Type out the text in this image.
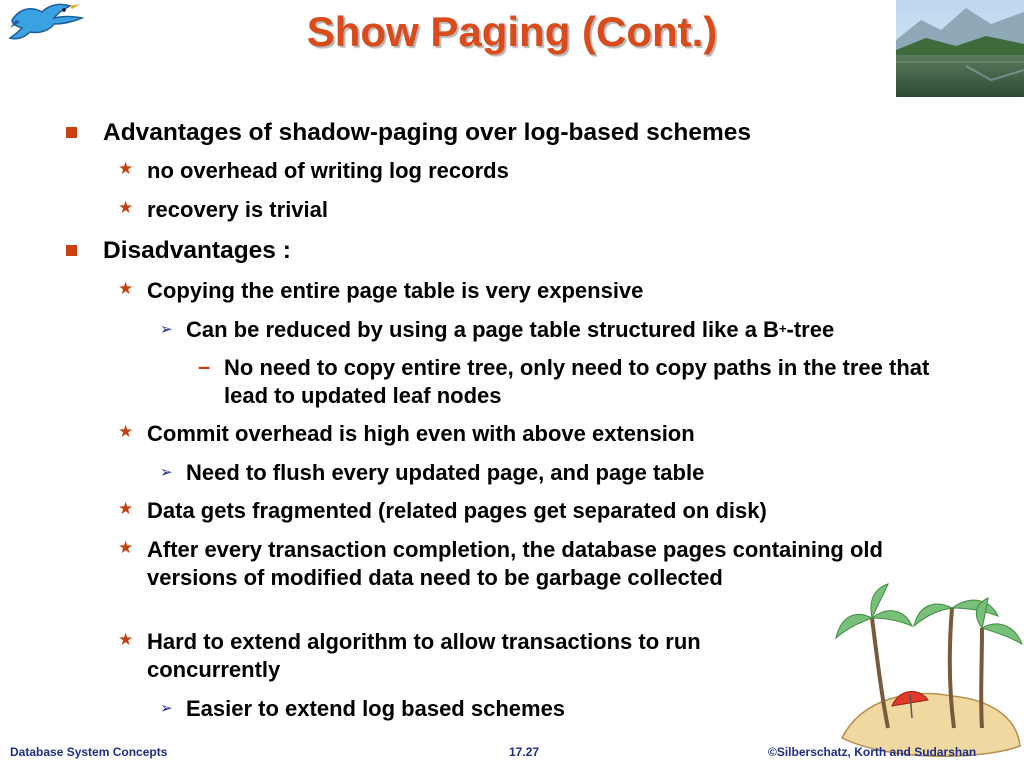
Show Paging (Cont.)
Advantages of shadow-paging over log-based schemes
★ no overhead of writing log records
★ recovery is trivial
Disadvantages :
★ Copying the entire page table is very expensive
➢ Can be reduced by using a page table structured like a B+-tree
– No need to copy entire tree, only need to copy paths in the tree that lead to updated leaf nodes
★ Commit overhead is high even with above extension
➢ Need to flush every updated page, and page table
★ Data gets fragmented (related pages get separated on disk)
★ After every transaction completion, the database pages containing old versions of modified data need to be garbage collected
★ Hard to extend algorithm to allow transactions to run concurrently
➢ Easier to extend log based schemes
Database System Concepts	17.27	©Silberschatz, Korth and Sudarshan
